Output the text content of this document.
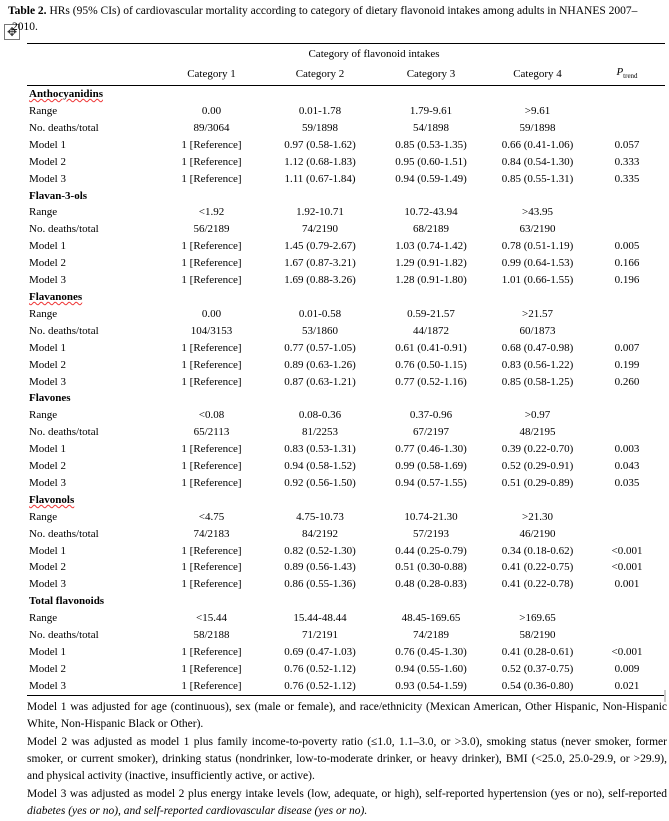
✥
Table 2. HRs (95% CIs) of cardiovascular mortality according to category of dietary flavonoid intakes among adults in NHANES 2007–
2010.
	Category of flavonoid intakes				
	Category 1	Category 2	Category 3	Category 4	$P_{trend}$
Anthocyanidins					
Range	0.00	0.01-1.78	1.79-9.61	>9.61	
No. deaths/total	89/3064	59/1898	54/1898	59/1898	
Model 1	1 [Reference]	0.97 (0.58-1.62)	0.85 (0.53-1.35)	0.66 (0.41-1.06)	0.057
Model 2	1 [Reference]	1.12 (0.68-1.83)	0.95 (0.60-1.51)	0.84 (0.54-1.30)	0.333
Model 3	1 [Reference]	1.11 (0.67-1.84)	0.94 (0.59-1.49)	0.85 (0.55-1.31)	0.335
Flavan-3-ols					
Range	<1.92	1.92-10.71	10.72-43.94	>43.95	
No. deaths/total	56/2189	74/2190	68/2189	63/2190	
Model 1	1 [Reference]	1.45 (0.79-2.67)	1.03 (0.74-1.42)	0.78 (0.51-1.19)	0.005
Model 2	1 [Reference]	1.67 (0.87-3.21)	1.29 (0.91-1.82)	0.99 (0.64-1.53)	0.166
Model 3	1 [Reference]	1.69 (0.88-3.26)	1.28 (0.91-1.80)	1.01 (0.66-1.55)	0.196
Flavanones					
Range	0.00	0.01-0.58	0.59-21.57	>21.57	
No. deaths/total	104/3153	53/1860	44/1872	60/1873	
Model 1	1 [Reference]	0.77 (0.57-1.05)	0.61 (0.41-0.91)	0.68 (0.47-0.98)	0.007
Model 2	1 [Reference]	0.89 (0.63-1.26)	0.76 (0.50-1.15)	0.83 (0.56-1.22)	0.199
Model 3	1 [Reference]	0.87 (0.63-1.21)	0.77 (0.52-1.16)	0.85 (0.58-1.25)	0.260
Flavones					
Range	<0.08	0.08-0.36	0.37-0.96	>0.97	
No. deaths/total	65/2113	81/2253	67/2197	48/2195	
Model 1	1 [Reference]	0.83 (0.53-1.31)	0.77 (0.46-1.30)	0.39 (0.22-0.70)	0.003
Model 2	1 [Reference]	0.94 (0.58-1.52)	0.99 (0.58-1.69)	0.52 (0.29-0.91)	0.043
Model 3	1 [Reference]	0.92 (0.56-1.50)	0.94 (0.57-1.55)	0.51 (0.29-0.89)	0.035
Flavonols					
Range	<4.75	4.75-10.73	10.74-21.30	>21.30	
No. deaths/total	74/2183	84/2192	57/2193	46/2190	
Model 1	1 [Reference]	0.82 (0.52-1.30)	0.44 (0.25-0.79)	0.34 (0.18-0.62)	<0.001
Model 2	1 [Reference]	0.89 (0.56-1.43)	0.51 (0.30-0.88)	0.41 (0.22-0.75)	<0.001
Model 3	1 [Reference]	0.86 (0.55-1.36)	0.48 (0.28-0.83)	0.41 (0.22-0.78)	0.001
Total flavonoids					
Range	<15.44	15.44-48.44	48.45-169.65	>169.65	
No. deaths/total	58/2188	71/2191	74/2189	58/2190	
Model 1	1 [Reference]	0.69 (0.47-1.03)	0.76 (0.45-1.30)	0.41 (0.28-0.61)	<0.001
Model 2	1 [Reference]	0.76 (0.52-1.12)	0.94 (0.55-1.60)	0.52 (0.37-0.75)	0.009
Model 3	1 [Reference]	0.76 (0.52-1.12)	0.93 (0.54-1.59)	0.54 (0.36-0.80)	0.021

Model 1 was adjusted for age (continuous), sex (male or female), and race/ethnicity (Mexican American, Other Hispanic, Non-Hispanic White, Non-Hispanic Black or Other).

Model 2 was adjusted as model 1 plus family income-to-poverty ratio (≤1.0, 1.1–3.0, or >3.0), smoking status (never smoker, former smoker, or current smoker), drinking status (nondrinker, low-to-moderate drinker, or heavy drinker), BMI (<25.0, 25.0-29.9, or >29.9), and physical activity (inactive, insufficiently active, or active).

Model 3 was adjusted as model 2 plus energy intake levels (low, adequate, or high), self-reported hypertension (yes or no), self-reported diabetes (yes or no), and self-reported cardiovascular disease (yes or no).
